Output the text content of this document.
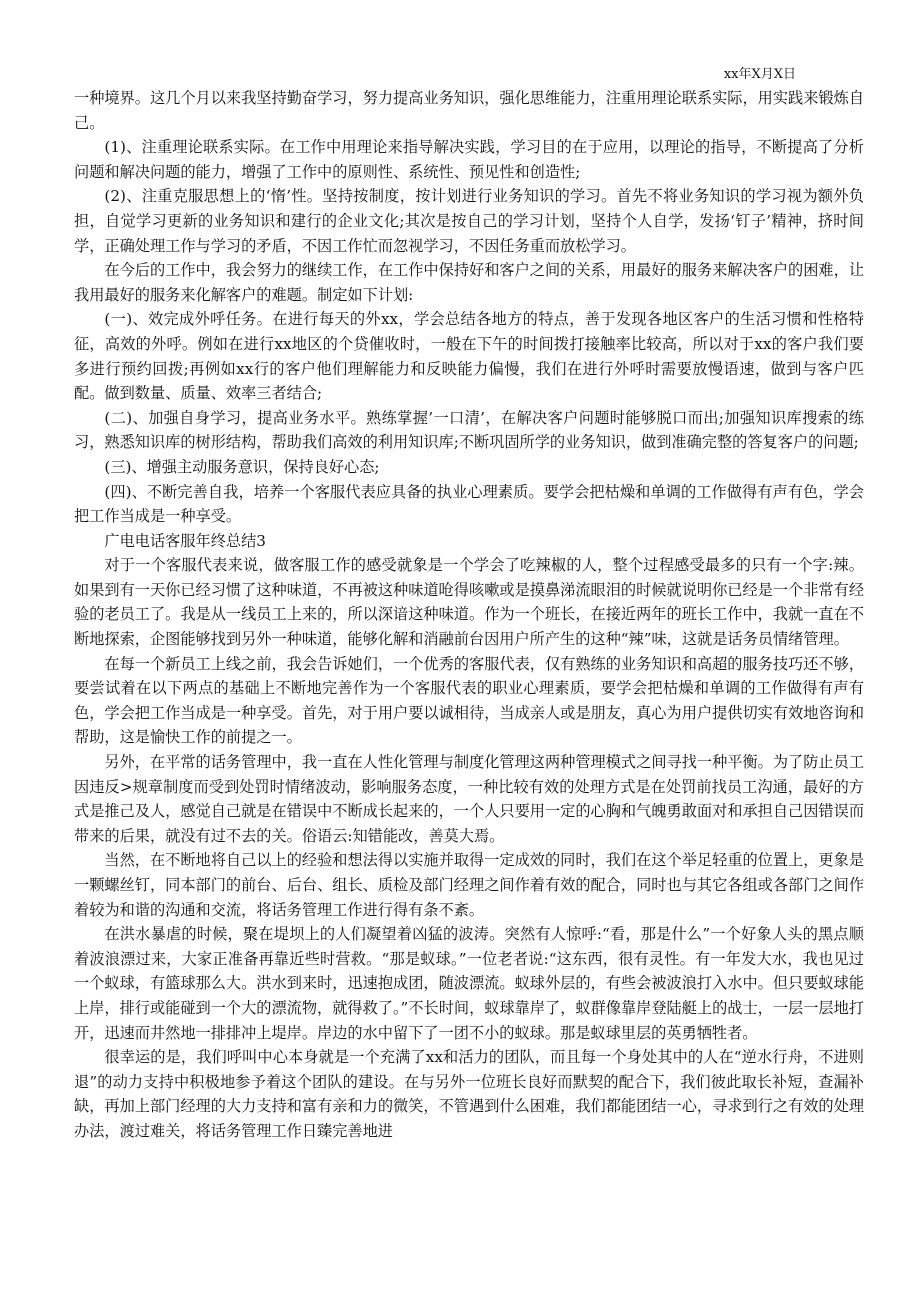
xx年X月X日

一种境界。这几个月以来我坚持勤奋学习，努力提高业务知识，强化思维能力，注重用理论联系实际，用实践来锻炼自己。

(1)、注重理论联系实际。在工作中用理论来指导解决实践，学习目的在于应用，以理论的指导，不断提高了分析问题和解决问题的能力，增强了工作中的原则性、系统性、预见性和创造性;

(2)、注重克服思想上的‘惰’性。坚持按制度，按计划进行业务知识的学习。首先不将业务知识的学习视为额外负担，自觉学习更新的业务知识和建行的企业文化;其次是按自己的学习计划，坚持个人自学，发扬‘钉子’精神，挤时间学，正确处理工作与学习的矛盾，不因工作忙而忽视学习，不因任务重而放松学习。

在今后的工作中，我会努力的继续工作，在工作中保持好和客户之间的关系，用最好的服务来解决客户的困难，让我用最好的服务来化解客户的难题。制定如下计划:

(一)、效完成外呼任务。在进行每天的外xx，学会总结各地方的特点，善于发现各地区客户的生活习惯和性格特征，高效的外呼。例如在进行xx地区的个贷催收时，一般在下午的时间拨打接触率比较高，所以对于xx的客户我们要多进行预约回拨;再例如xx行的客户他们理解能力和反映能力偏慢，我们在进行外呼时需要放慢语速，做到与客户匹配。做到数量、质量、效率三者结合;

(二)、加强自身学习，提高业务水平。熟练掌握’一口清’，在解决客户问题时能够脱口而出;加强知识库搜索的练习，熟悉知识库的树形结构，帮助我们高效的利用知识库;不断巩固所学的业务知识，做到准确完整的答复客户的问题;

(三)、增强主动服务意识，保持良好心态;

(四)、不断完善自我，培养一个客服代表应具备的执业心理素质。要学会把枯燥和单调的工作做得有声有色，学会把工作当成是一种享受。

广电电话客服年终总结3

对于一个客服代表来说，做客服工作的感受就象是一个学会了吃辣椒的人，整个过程感受最多的只有一个字:辣。如果到有一天你已经习惯了这种味道，不再被这种味道呛得咳嗽或是摸鼻涕流眼泪的时候就说明你已经是一个非常有经验的老员工了。我是从一线员工上来的，所以深谙这种味道。作为一个班长，在接近两年的班长工作中，我就一直在不断地探索，企图能够找到另外一种味道，能够化解和消融前台因用户所产生的这种“辣”味，这就是话务员情绪管理。

在每一个新员工上线之前，我会告诉她们，一个优秀的客服代表，仅有熟练的业务知识和高超的服务技巧还不够，要尝试着在以下两点的基础上不断地完善作为一个客服代表的职业心理素质，要学会把枯燥和单调的工作做得有声有色，学会把工作当成是一种享受。首先，对于用户要以诚相待，当成亲人或是朋友，真心为用户提供切实有效地咨询和帮助，这是愉快工作的前提之一。

另外，在平常的话务管理中，我一直在人性化管理与制度化管理这两种管理模式之间寻找一种平衡。为了防止员工因违反>规章制度而受到处罚时情绪波动，影响服务态度，一种比较有效的处理方式是在处罚前找员工沟通，最好的方式是推己及人，感觉自己就是在错误中不断成长起来的，一个人只要用一定的心胸和气魄勇敢面对和承担自己因错误而带来的后果，就没有过不去的关。俗语云:知错能改，善莫大焉。

当然，在不断地将自己以上的经验和想法得以实施并取得一定成效的同时，我们在这个举足轻重的位置上，更象是一颗螺丝钉，同本部门的前台、后台、组长、质检及部门经理之间作着有效的配合，同时也与其它各组或各部门之间作着较为和谐的沟通和交流，将话务管理工作进行得有条不紊。

在洪水暴虐的时候，聚在堤坝上的人们凝望着凶猛的波涛。突然有人惊呼:“看，那是什么”一个好象人头的黑点顺着波浪漂过来，大家正准备再靠近些时营救。“那是蚁球。”一位老者说:“这东西，很有灵性。有一年发大水，我也见过一个蚁球，有篮球那么大。洪水到来时，迅速抱成团，随波漂流。蚁球外层的，有些会被波浪打入水中。但只要蚁球能上岸，排行或能碰到一个大的漂流物，就得救了。”不长时间，蚁球靠岸了，蚁群像靠岸登陆艇上的战士，一层一层地打开，迅速而井然地一排排冲上堤岸。岸边的水中留下了一团不小的蚁球。那是蚁球里层的英勇牺牲者。

很幸运的是，我们呼叫中心本身就是一个充满了xx和活力的团队，而且每一个身处其中的人在“逆水行舟，不进则退”的动力支持中积极地参予着这个团队的建设。在与另外一位班长良好而默契的配合下，我们彼此取长补短，查漏补缺，再加上部门经理的大力支持和富有亲和力的微笑，不管遇到什么困难，我们都能团结一心，寻求到行之有效的处理办法，渡过难关，将话务管理工作日臻完善地进
